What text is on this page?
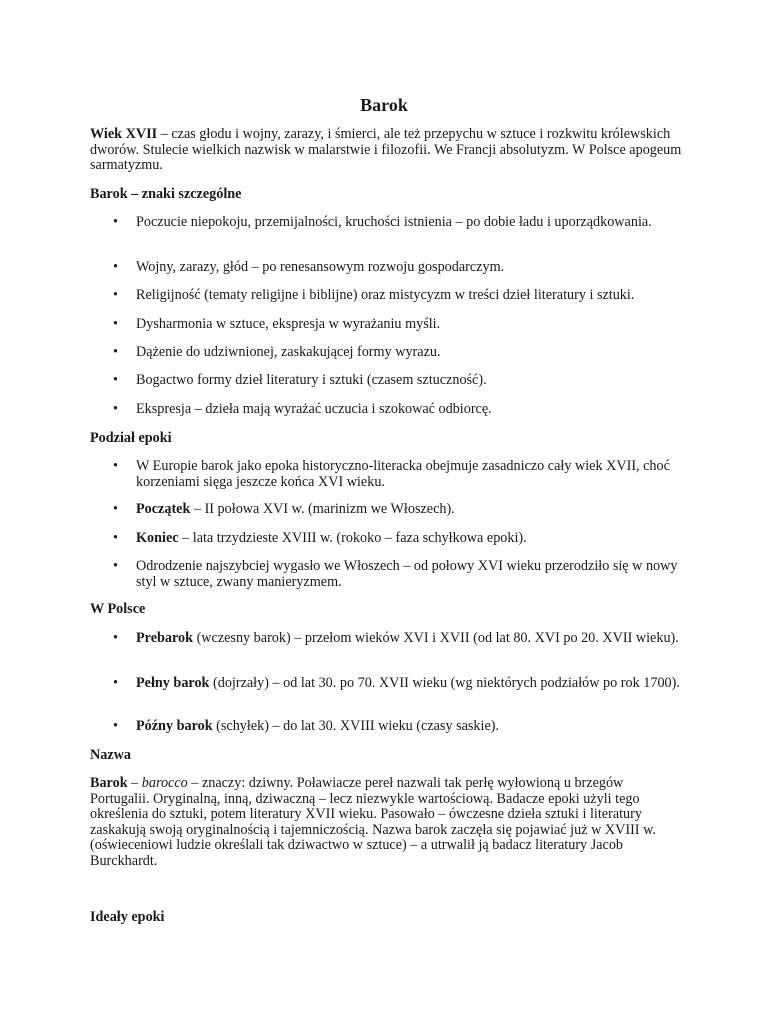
Barok
Wiek XVII – czas głodu i wojny, zarazy, i śmierci, ale też przepychu w sztuce i rozkwitu królewskich dworów. Stulecie wielkich nazwisk w malarstwie i filozofii. We Francji absolutyzm. W Polsce apogeum sarmatyzmu.
Barok – znaki szczególne
• Poczucie niepokoju, przemijalności, kruchości istnienia – po dobie ładu i uporządkowania.
• Wojny, zarazy, głód – po renesansowym rozwoju gospodarczym.
• Religijność (tematy religijne i biblijne) oraz mistycyzm w treści dzieł literatury i sztuki.
• Dysharmonia w sztuce, ekspresja w wyrażaniu myśli.
• Dążenie do udziwnionej, zaskakującej formy wyrazu.
• Bogactwo formy dzieł literatury i sztuki (czasem sztuczność).
• Ekspresja – dzieła mają wyrażać uczucia i szokować odbiorcę.
Podział epoki
• W Europie barok jako epoka historyczno-literacka obejmuje zasadniczo cały wiek XVII, choć korzeniami sięga jeszcze końca XVI wieku.
• Początek – II połowa XVI w. (marinizm we Włoszech).
• Koniec – lata trzydzieste XVIII w. (rokoko – faza schyłkowa epoki).
• Odrodzenie najszybciej wygasło we Włoszech – od połowy XVI wieku przerodziło się w nowy styl w sztuce, zwany manieryzmem.
W Polsce
• Prebarok (wczesny barok) – przełom wieków XVI i XVII (od lat 80. XVI po 20. XVII wieku).
• Pełny barok (dojrzały) – od lat 30. po 70. XVII wieku (wg niektórych podziałów po rok 1700).
• Późny barok (schyłek) – do lat 30. XVIII wieku (czasy saskie).
Nazwa
Barok – barocco – znaczy: dziwny. Poławiacze pereł nazwali tak perłę wyłowioną u brzegów Portugalii. Oryginalną, inną, dziwaczną – lecz niezwykle wartościową. Badacze epoki użyli tego określenia do sztuki, potem literatury XVII wieku. Pasowało – ówczesne dzieła sztuki i literatury zaskakują swoją oryginalnością i tajemniczością. Nazwa barok zaczęła się pojawiać już w XVIII w. (oświeceniowi ludzie określali tak dziwactwo w sztuce) – a utrwalił ją badacz literatury Jacob Burckhardt.
Ideały epoki
